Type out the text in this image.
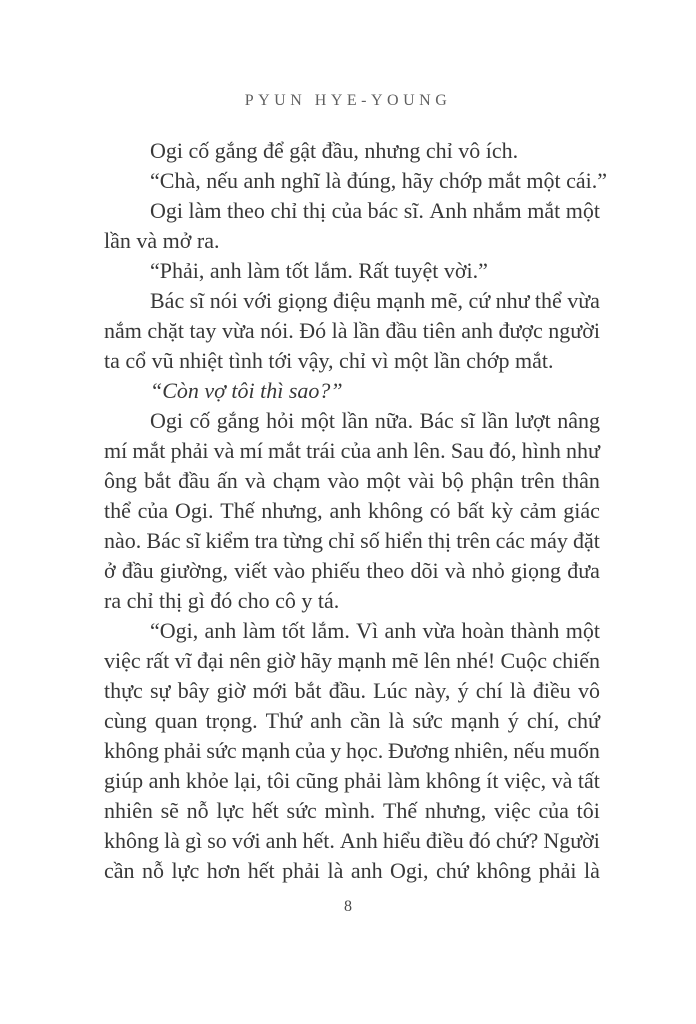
PYUN HYE-YOUNG
Ogi cố gắng để gật đầu, nhưng chỉ vô ích.
“Chà, nếu anh nghĩ là đúng, hãy chớp mắt một cái.”
Ogi làm theo chỉ thị của bác sĩ. Anh nhắm mắt một
lần và mở ra.
“Phải, anh làm tốt lắm. Rất tuyệt vời.”
Bác sĩ nói với giọng điệu mạnh mẽ, cứ như thể vừa
nắm chặt tay vừa nói. Đó là lần đầu tiên anh được người
ta cổ vũ nhiệt tình tới vậy, chỉ vì một lần chớp mắt.
“Còn vợ tôi thì sao?”
Ogi cố gắng hỏi một lần nữa. Bác sĩ lần lượt nâng
mí mắt phải và mí mắt trái của anh lên. Sau đó, hình như
ông bắt đầu ấn và chạm vào một vài bộ phận trên thân
thể của Ogi. Thế nhưng, anh không có bất kỳ cảm giác
nào. Bác sĩ kiểm tra từng chỉ số hiển thị trên các máy đặt
ở đầu giường, viết vào phiếu theo dõi và nhỏ giọng đưa
ra chỉ thị gì đó cho cô y tá.
“Ogi, anh làm tốt lắm. Vì anh vừa hoàn thành một
việc rất vĩ đại nên giờ hãy mạnh mẽ lên nhé! Cuộc chiến
thực sự bây giờ mới bắt đầu. Lúc này, ý chí là điều vô
cùng quan trọng. Thứ anh cần là sức mạnh ý chí, chứ
không phải sức mạnh của y học. Đương nhiên, nếu muốn
giúp anh khỏe lại, tôi cũng phải làm không ít việc, và tất
nhiên sẽ nỗ lực hết sức mình. Thế nhưng, việc của tôi
không là gì so với anh hết. Anh hiểu điều đó chứ? Người
cần nỗ lực hơn hết phải là anh Ogi, chứ không phải là
8
